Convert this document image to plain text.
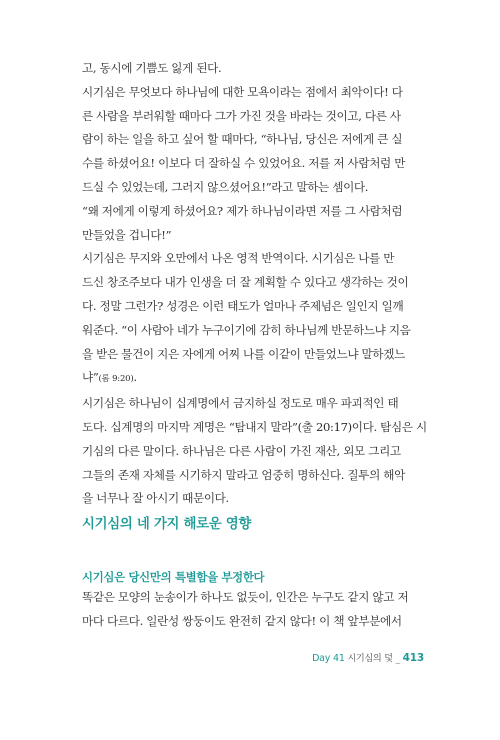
고, 동시에 기쁨도 잃게 된다.

시기심은 무엇보다 하나님에 대한 모욕이라는 점에서 최악이다! 다
른 사람을 부러워할 때마다 그가 가진 것을 바라는 것이고, 다른 사
람이 하는 일을 하고 싶어 할 때마다, “하나님, 당신은 저에게 큰 실
수를 하셨어요! 이보다 더 잘하실 수 있었어요. 저를 저 사람처럼 만
드실 수 있었는데, 그러지 않으셨어요!”라고 말하는 셈이다.

“왜 저에게 이렇게 하셨어요? 제가 하나님이라면 저를 그 사람처럼
만들었을 겁니다!”

시기심은 무지와 오만에서 나온 영적 반역이다. 시기심은 나를 만
드신 창조주보다 내가 인생을 더 잘 계획할 수 있다고 생각하는 것이
다. 정말 그런가? 성경은 이런 태도가 얼마나 주제넘은 일인지 일깨
워준다. “이 사람아 네가 누구이기에 감히 하나님께 반문하느냐 지음
을 받은 물건이 지은 자에게 어찌 나를 이같이 만들었느냐 말하겠느
냐”(롬 9:20).

시기심은 하나님이 십계명에서 금지하실 정도로 매우 파괴적인 태
도다. 십계명의 마지막 계명은 “탐내지 말라”(출 20:17)이다. 탐심은 시
기심의 다른 말이다. 하나님은 다른 사람이 가진 재산, 외모 그리고
그들의 존재 자체를 시기하지 말라고 엄중히 명하신다. 질투의 해악
을 너무나 잘 아시기 때문이다.

시기심의 네 가지 해로운 영향
시기심은 당신만의 특별함을 부정한다

똑같은 모양의 눈송이가 하나도 없듯이, 인간은 누구도 같지 않고 저
마다 다르다. 일란성 쌍둥이도 완전히 같지 않다! 이 책 앞부분에서

Day 41 시기심의 덫 _ 413
